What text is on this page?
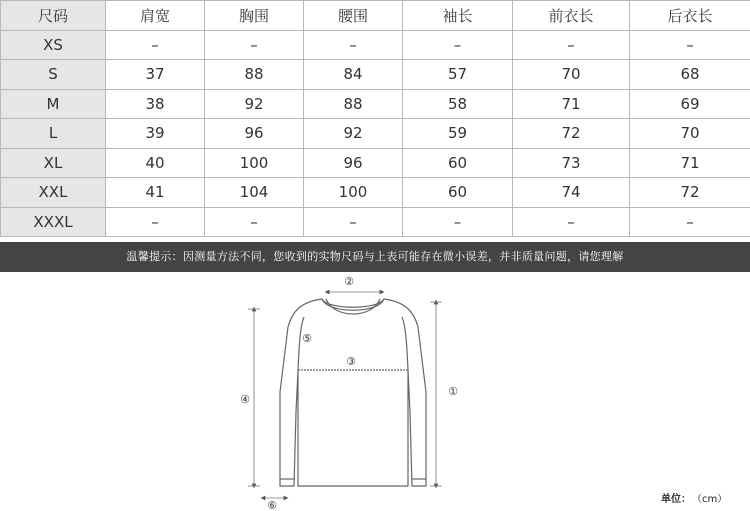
尺码	肩宽	胸围	腰围	袖长	前衣长	后衣长
XS	–	–	–	–	–	–
S	37	88	84	57	70	68
M	38	92	88	58	71	69
L	39	96	92	59	72	70
XL	40	100	96	60	73	71
XXL	41	104	100	60	74	72
XXXL	–	–	–	–	–	–
温馨提示：因测量方法不同，您收到的实物尺码与上表可能存在微小误差，并非质量问题，请您理解
①
②
③
④
⑤
⑥	单位： （cm）
